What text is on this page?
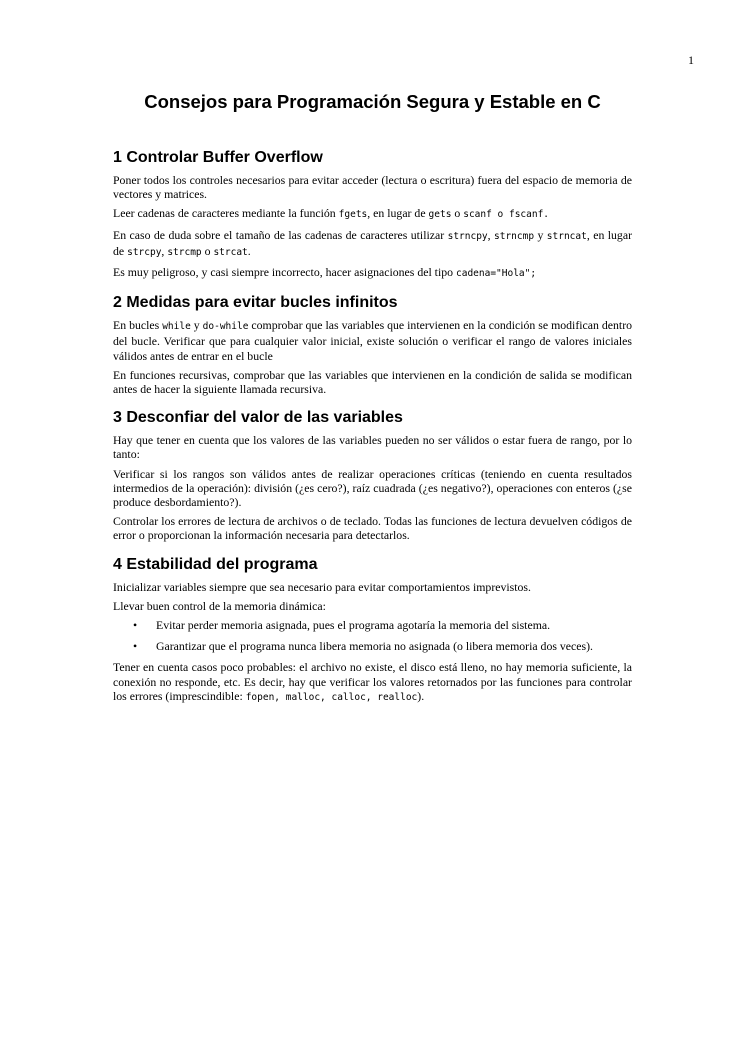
1
Consejos para Programación Segura y Estable en C
1 Controlar Buffer Overflow

Poner todos los controles necesarios para evitar acceder (lectura o escritura) fuera del espacio de memoria de vectores y matrices.

Leer cadenas de caracteres mediante la función fgets, en lugar de gets o scanf o fscanf.

En caso de duda sobre el tamaño de las cadenas de caracteres utilizar strncpy, strncmp y strncat, en lugar de strcpy, strcmp o strcat.

Es muy peligroso, y casi siempre incorrecto, hacer asignaciones del tipo cadena="Hola";

2 Medidas para evitar bucles infinitos

En bucles while y do-while comprobar que las variables que intervienen en la condición se modifican dentro del bucle. Verificar que para cualquier valor inicial, existe solución o verificar el rango de valores iniciales válidos antes de entrar en el bucle

En funciones recursivas, comprobar que las variables que intervienen en la condición de salida se modifican antes de hacer la siguiente llamada recursiva.

3 Desconfiar del valor de las variables

Hay que tener en cuenta que los valores de las variables pueden no ser válidos o estar fuera de rango, por lo tanto:

Verificar si los rangos son válidos antes de realizar operaciones críticas (teniendo en cuenta resultados intermedios de la operación): división (¿es cero?), raíz cuadrada (¿es negativo?), operaciones con enteros (¿se produce desbordamiento?).

Controlar los errores de lectura de archivos o de teclado. Todas las funciones de lectura devuelven códigos de error o proporcionan la información necesaria para detectarlos.

4 Estabilidad del programa

Inicializar variables siempre que sea necesario para evitar comportamientos imprevistos.

Llevar buen control de la memoria dinámica:

• Evitar perder memoria asignada, pues el programa agotaría la memoria del sistema.
• Garantizar que el programa nunca libera memoria no asignada (o libera memoria dos veces).

Tener en cuenta casos poco probables: el archivo no existe, el disco está lleno, no hay memoria suficiente, la conexión no responde, etc. Es decir, hay que verificar los valores retornados por las funciones para controlar los errores (imprescindible: fopen, malloc, calloc, realloc).
